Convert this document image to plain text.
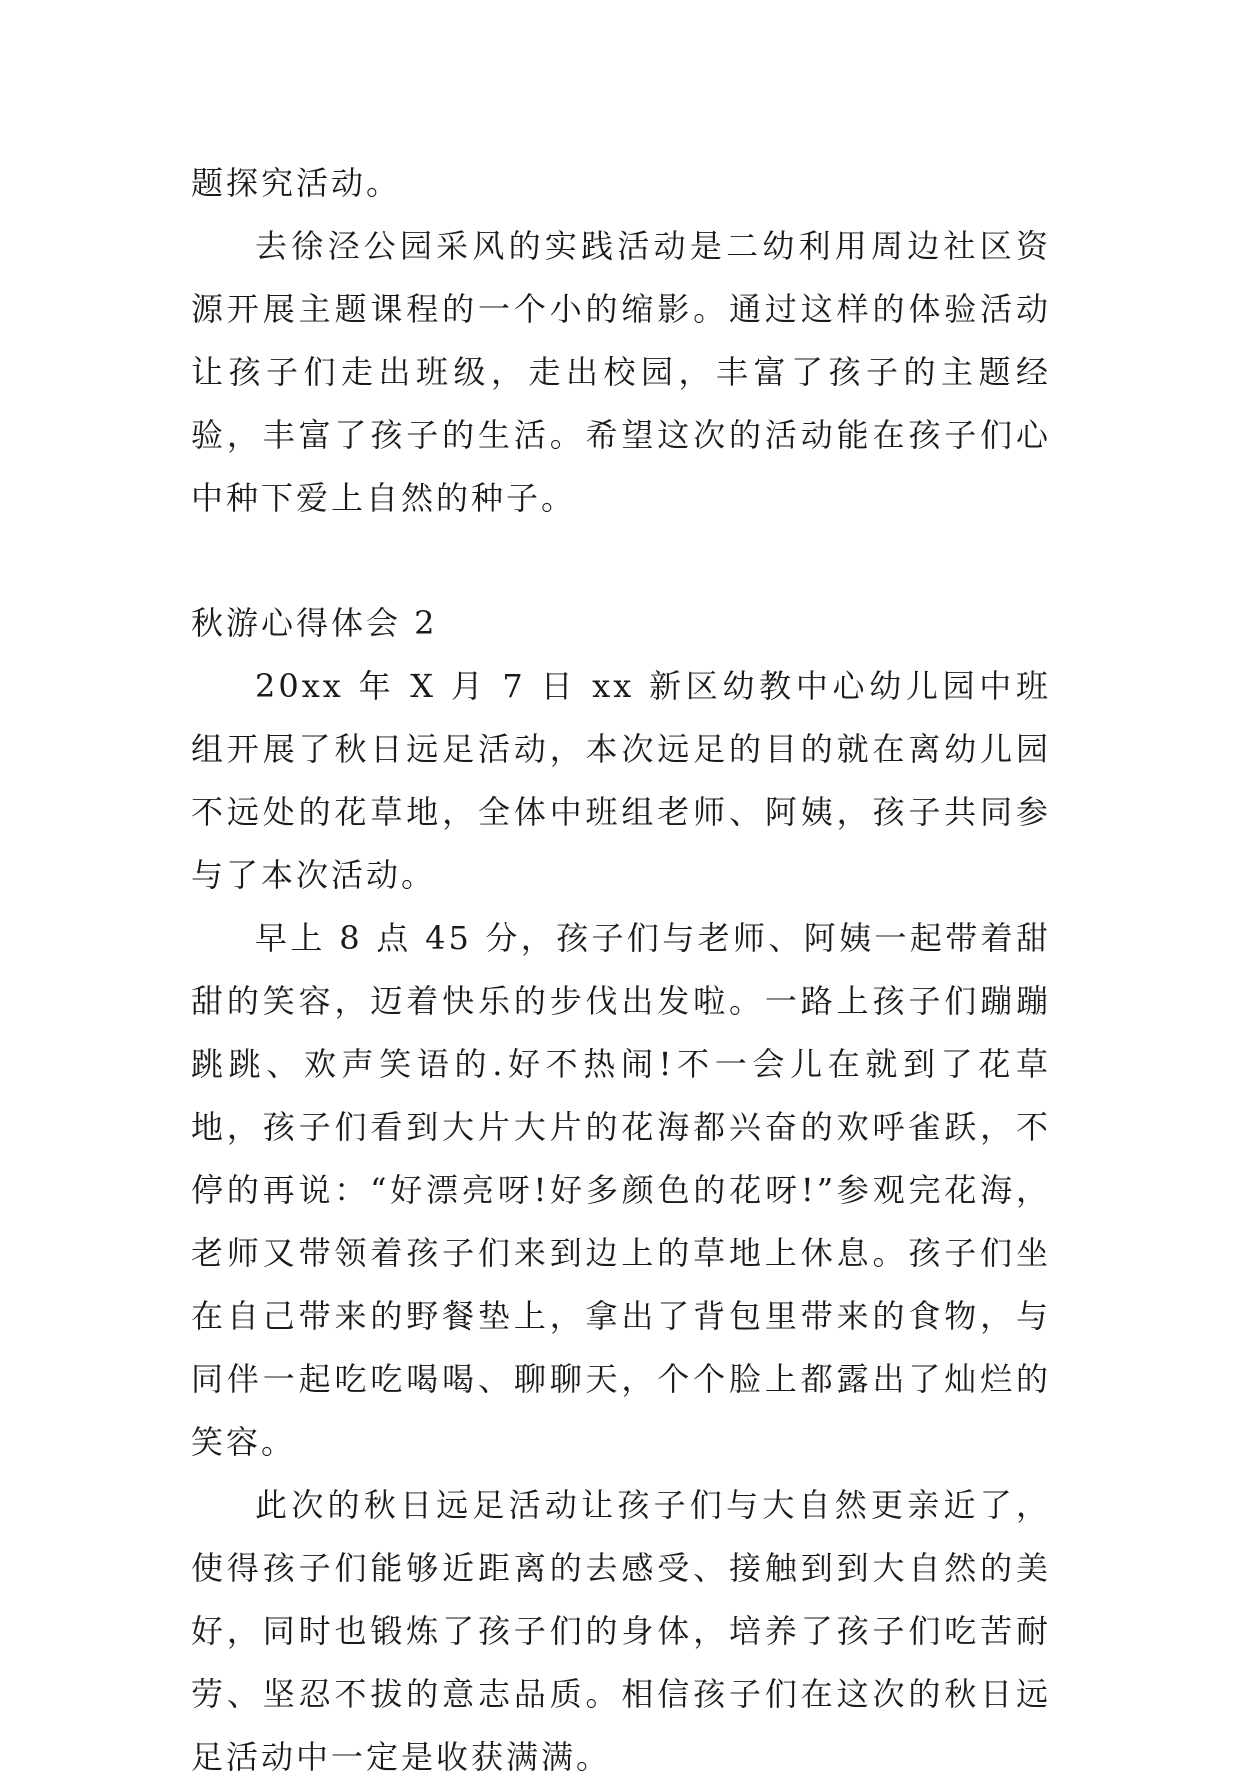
题探究活动。

去徐泾公园采风的实践活动是二幼利用周边社区资源开展主题课程的一个小的缩影。通过这样的体验活动让孩子们走出班级，走出校园，丰富了孩子的主题经验，丰富了孩子的生活。希望这次的活动能在孩子们心中种下爱上自然的种子。

秋游心得体会 2

20xx 年 X 月 7 日 xx 新区幼教中心幼儿园中班组开展了秋日远足活动，本次远足的目的就在离幼儿园不远处的花草地，全体中班组老师、阿姨，孩子共同参与了本次活动。

早上 8 点 45 分，孩子们与老师、阿姨一起带着甜甜的笑容，迈着快乐的步伐出发啦。一路上孩子们蹦蹦跳跳、欢声笑语的.好不热闹!不一会儿在就到了花草地，孩子们看到大片大片的花海都兴奋的欢呼雀跃，不停的再说：“好漂亮呀!好多颜色的花呀!”参观完花海，老师又带领着孩子们来到边上的草地上休息。孩子们坐在自己带来的野餐垫上，拿出了背包里带来的食物，与同伴一起吃吃喝喝、聊聊天，个个脸上都露出了灿烂的笑容。

此次的秋日远足活动让孩子们与大自然更亲近了，使得孩子们能够近距离的去感受、接触到到大自然的美好，同时也锻炼了孩子们的身体，培养了孩子们吃苦耐劳、坚忍不拔的意志品质。相信孩子们在这次的秋日远足活动中一定是收获满满。
